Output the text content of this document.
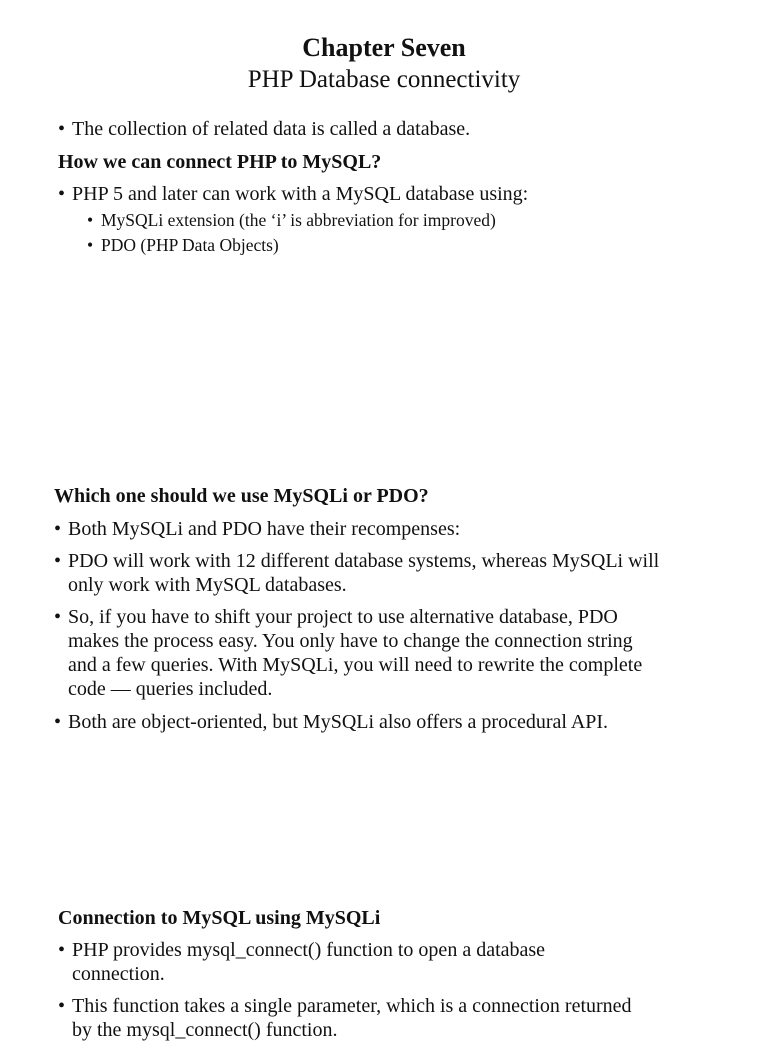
Chapter Seven
PHP Database connectivity
• The collection of related data is called a database.
How we can connect PHP to MySQL?
• PHP 5 and later can work with a MySQL database using:
• MySQLi extension (the ‘i’ is abbreviation for improved)
• PDO (PHP Data Objects)
Which one should we use MySQLi or PDO?
• Both MySQLi and PDO have their recompenses:
• PDO will work with 12 different database systems, whereas MySQLi will
only work with MySQL databases.
• So, if you have to shift your project to use alternative database, PDO
makes the process easy. You only have to change the connection string
and a few queries. With MySQLi, you will need to rewrite the complete
code — queries included.
• Both are object-oriented, but MySQLi also offers a procedural API.
Connection to MySQL using MySQLi
• PHP provides mysql_connect() function to open a database
connection.
• This function takes a single parameter, which is a connection returned
by the mysql_connect() function.
